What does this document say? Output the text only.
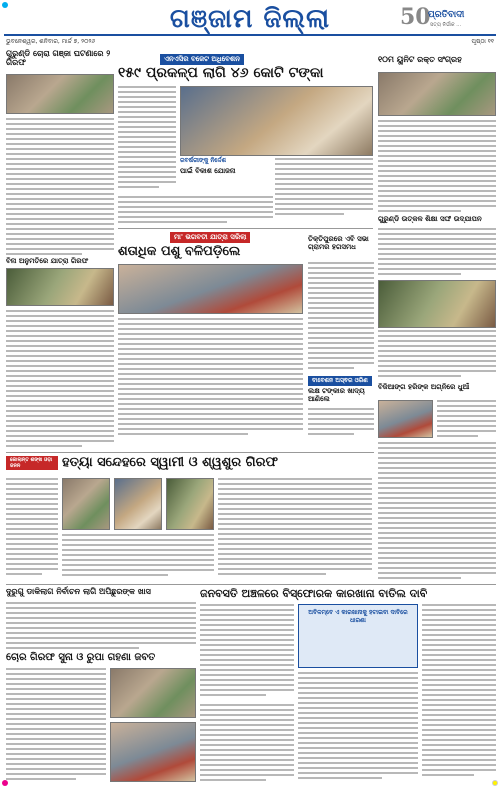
ଗଞ୍ଜାମ ଜିଲ୍ଲା	50
ପ୍ରତିବାଦୀ
ସତ୍ୟ ନିର୍ଭୀକ ...
ଭୁବନେଶ୍ୱର, ଶନିବାର, ମାର୍ଚ୍ଚ ୭, ୨୦୨୬	ପୃଷ୍ଠା ୧୧
ଗୁରୁଣ୍ଡି ଚୋରା ଗଞ୍ଜା ଘଟଣାରେ ୨ ଗିରଫ
ବିନା ଅନୁମତିରେ ଯାତ୍ରା ଗିରଫ
ଏନଏସିର ବଜେଟ ଅଧିବେଶନ
୧୫୯ ପ୍ରକଳ୍ପ ଲାଗି ୪୬ କୋଟି ଟଙ୍କା
ରବର୍ଷରୀଙ୍କୁ ନିର୍ଦ୍ଦେଶ
ପାଇଁ ବିକାଶ ଯୋଜନା
୧୦ମ ୟୁନିଟ ରକ୍ତ ସଂଗ୍ରହ
ଗୁରୁଣ୍ଡି ଉତ୍କଳ ଶିକ୍ଷା ସଙ୍ଘ ଉଦ୍ଯାପନ
ମା' ଭଗବତୀ ଯାତ୍ରା ସରିଲା
ଶତାଧିକ ପଶୁ ବଳିପଡ଼ିଲେ
ତିକ୍ତିପୁରରେ ଏବି ସଭା ଗ୍ରାମର ହଗସମଧ
ବାବେଶନ ଅସ୍ଵର ଓରିଣ
ଲକ୍ଷ ଟଙ୍କାର ଖାଦ୍ୟ ଆଣିଲେ
ବିଜିଆଙ୍ଗ ହରିଙ୍କ ଅଗ୍ନିରେ ଧୁଆଁ
କୋଲାନ୍ତ ଶଙ୍ଖ ଓଡ଼ା ଜନନ	ହତ୍ୟା ସନ୍ଦେହରେ ସ୍ୱାମୀ ଓ ଶ୍ୱଶୁର ଗିରଫ
ଦୁରୁଗୁ ଡାକିଲାଗ ନିର୍ବାଚନ ଲାଗି ଅପିଛୁରଙ୍କ ଖାସ
ଚୋର ଗିରଫ ସୁନା ଓ ରୁପା ଗହଣା ଜବତ
ଜନବସତି ଅଞ୍ଚଳରେ ବିସ୍ଫୋରକ କାରଖାନା ବାତିଲ ଦାବି
ଅବିଳମ୍ବେ ଏ କାରଖାନାକୁ ହଟାଇବା ଦାବିରେ ଧାରଣା
